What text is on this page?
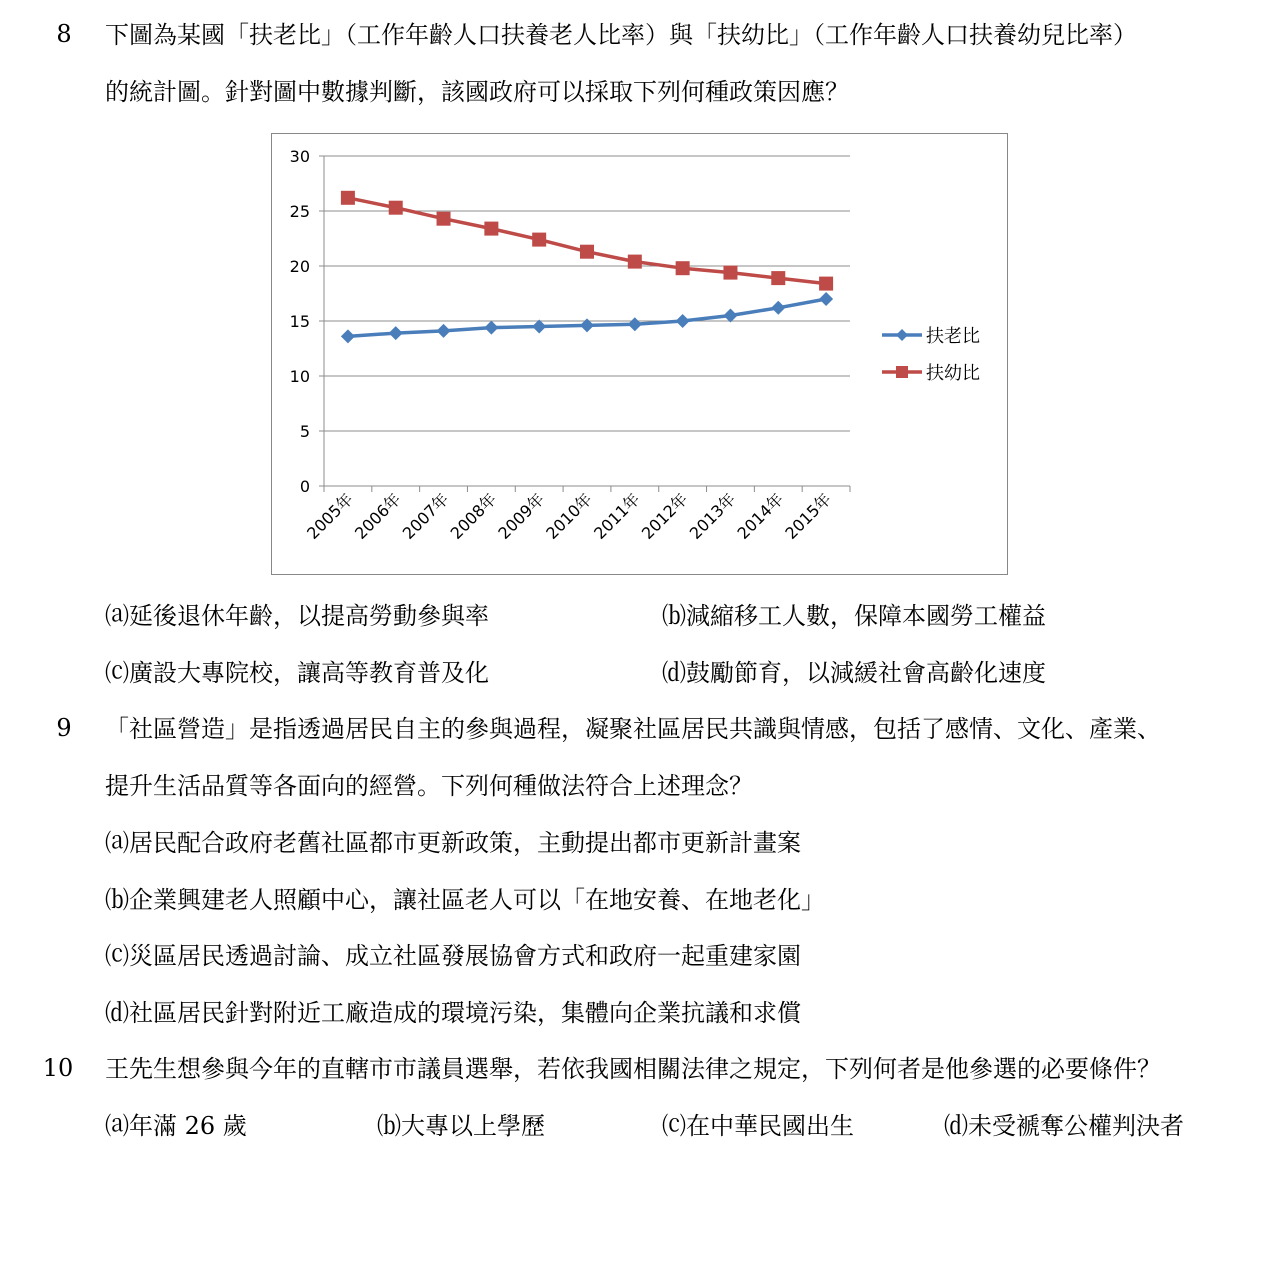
8	下圖為某國「扶老比」（工作年齡人口扶養老人比率）與「扶幼比」（工作年齡人口扶養幼兒比率）
的統計圖。針對圖中數據判斷，該國政府可以採取下列何種政策因應？
0
5
10
15
20
25
30
2005年
2006年
2007年
2008年
2009年
2010年
2011年
2012年
2013年
2014年
2015年
扶老比
扶幼比
⒜延後退休年齡，以提高勞動參與率	⒝減縮移工人數，保障本國勞工權益
⒞廣設大專院校，讓高等教育普及化	⒟鼓勵節育，以減緩社會高齡化速度
9	「社區營造」是指透過居民自主的參與過程，凝聚社區居民共識與情感，包括了感情、文化、產業、
提升生活品質等各面向的經營。下列何種做法符合上述理念？
⒜居民配合政府老舊社區都市更新政策，主動提出都市更新計畫案
⒝企業興建老人照顧中心，讓社區老人可以「在地安養、在地老化」
⒞災區居民透過討論、成立社區發展協會方式和政府一起重建家園
⒟社區居民針對附近工廠造成的環境污染，集體向企業抗議和求償
10	王先生想參與今年的直轄市市議員選舉，若依我國相關法律之規定，下列何者是他參選的必要條件？
⒜年滿 26 歲	⒝大專以上學歷	⒞在中華民國出生	⒟未受褫奪公權判決者
